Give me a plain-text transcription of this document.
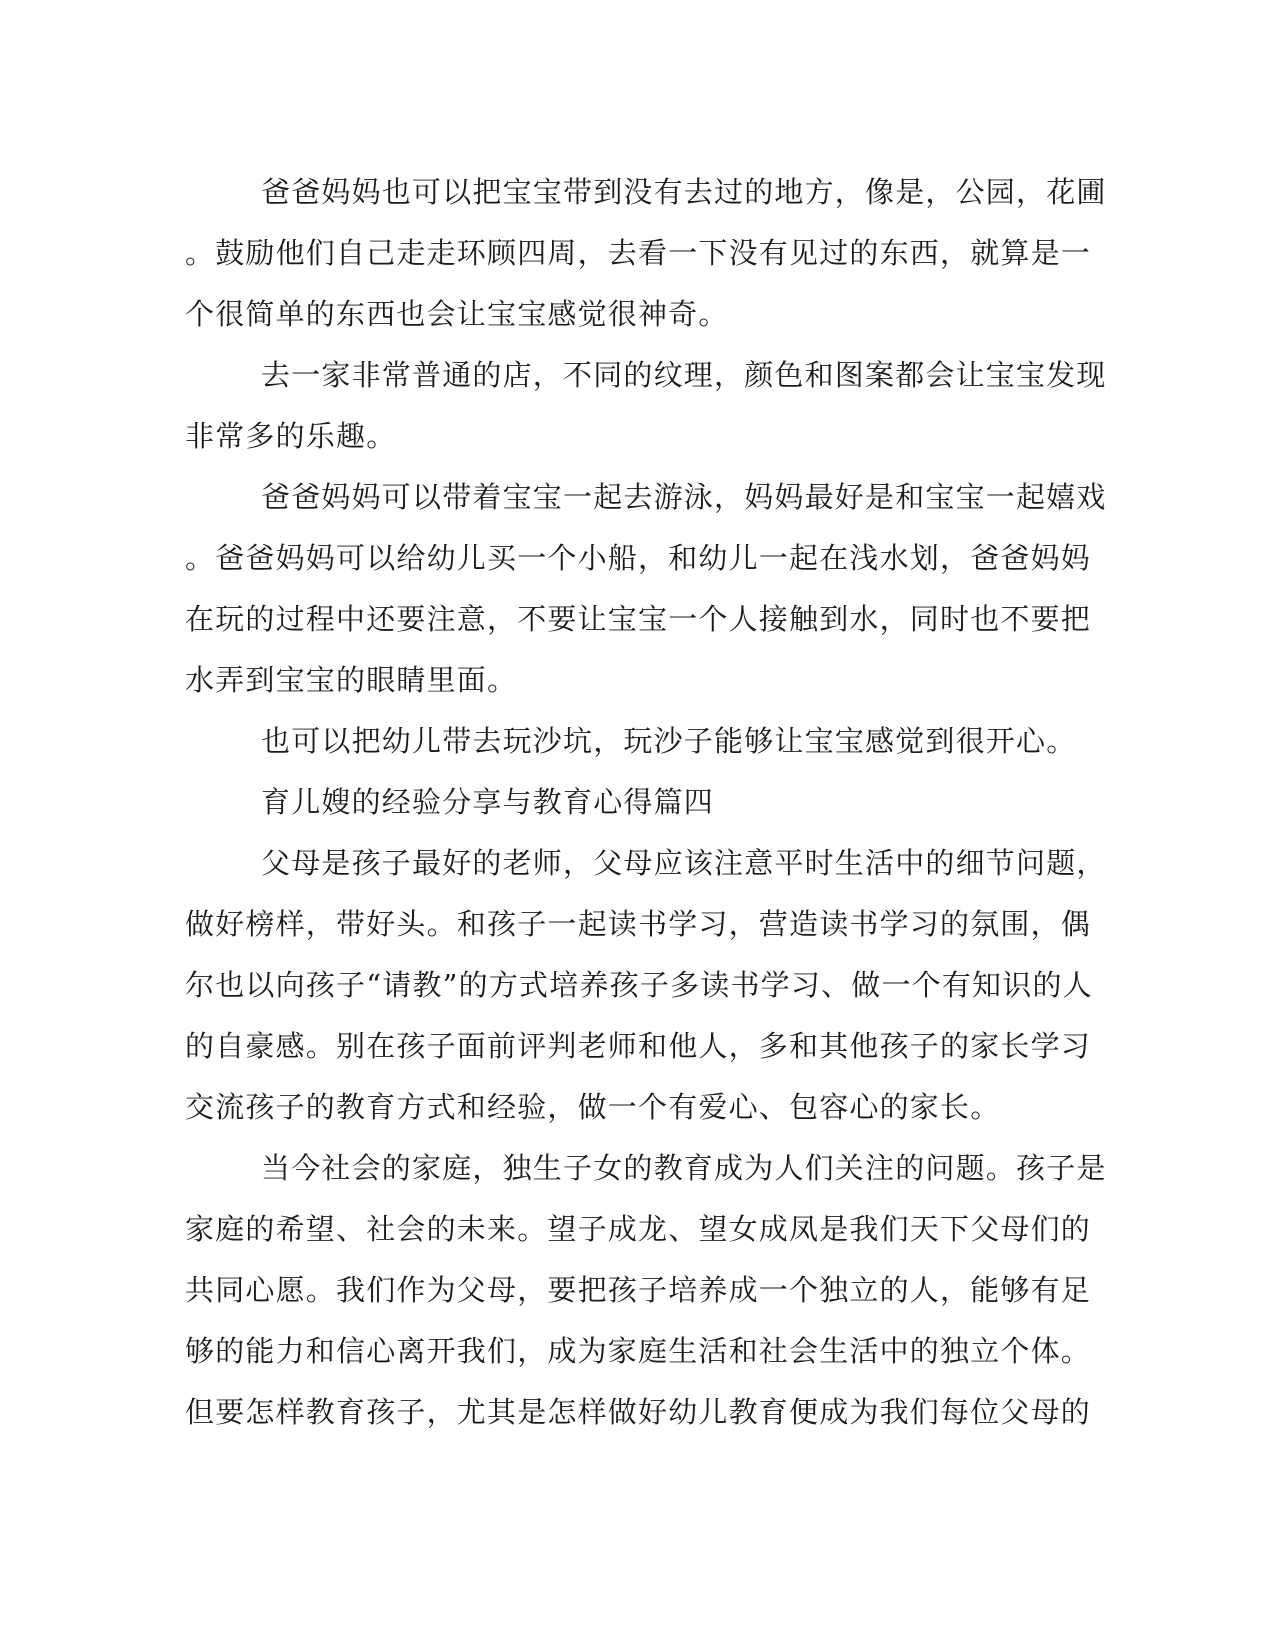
爸爸妈妈也可以把宝宝带到没有去过的地方，像是，公园，花圃
。鼓励他们自己走走环顾四周，去看一下没有见过的东西，就算是一
个很简单的东西也会让宝宝感觉很神奇。
去一家非常普通的店，不同的纹理，颜色和图案都会让宝宝发现
非常多的乐趣。
爸爸妈妈可以带着宝宝一起去游泳，妈妈最好是和宝宝一起嬉戏
。爸爸妈妈可以给幼儿买一个小船，和幼儿一起在浅水划，爸爸妈妈
在玩的过程中还要注意，不要让宝宝一个人接触到水，同时也不要把
水弄到宝宝的眼睛里面。
也可以把幼儿带去玩沙坑，玩沙子能够让宝宝感觉到很开心。
育儿嫂的经验分享与教育心得篇四
父母是孩子最好的老师，父母应该注意平时生活中的细节问题，
做好榜样，带好头。和孩子一起读书学习，营造读书学习的氛围，偶
尔也以向孩子“请教”的方式培养孩子多读书学习、做一个有知识的人
的自豪感。别在孩子面前评判老师和他人，多和其他孩子的家长学习
交流孩子的教育方式和经验，做一个有爱心、包容心的家长。
当今社会的家庭，独生子女的教育成为人们关注的问题。孩子是
家庭的希望、社会的未来。望子成龙、望女成凤是我们天下父母们的
共同心愿。我们作为父母，要把孩子培养成一个独立的人，能够有足
够的能力和信心离开我们，成为家庭生活和社会生活中的独立个体。
但要怎样教育孩子，尤其是怎样做好幼儿教育便成为我们每位父母的
